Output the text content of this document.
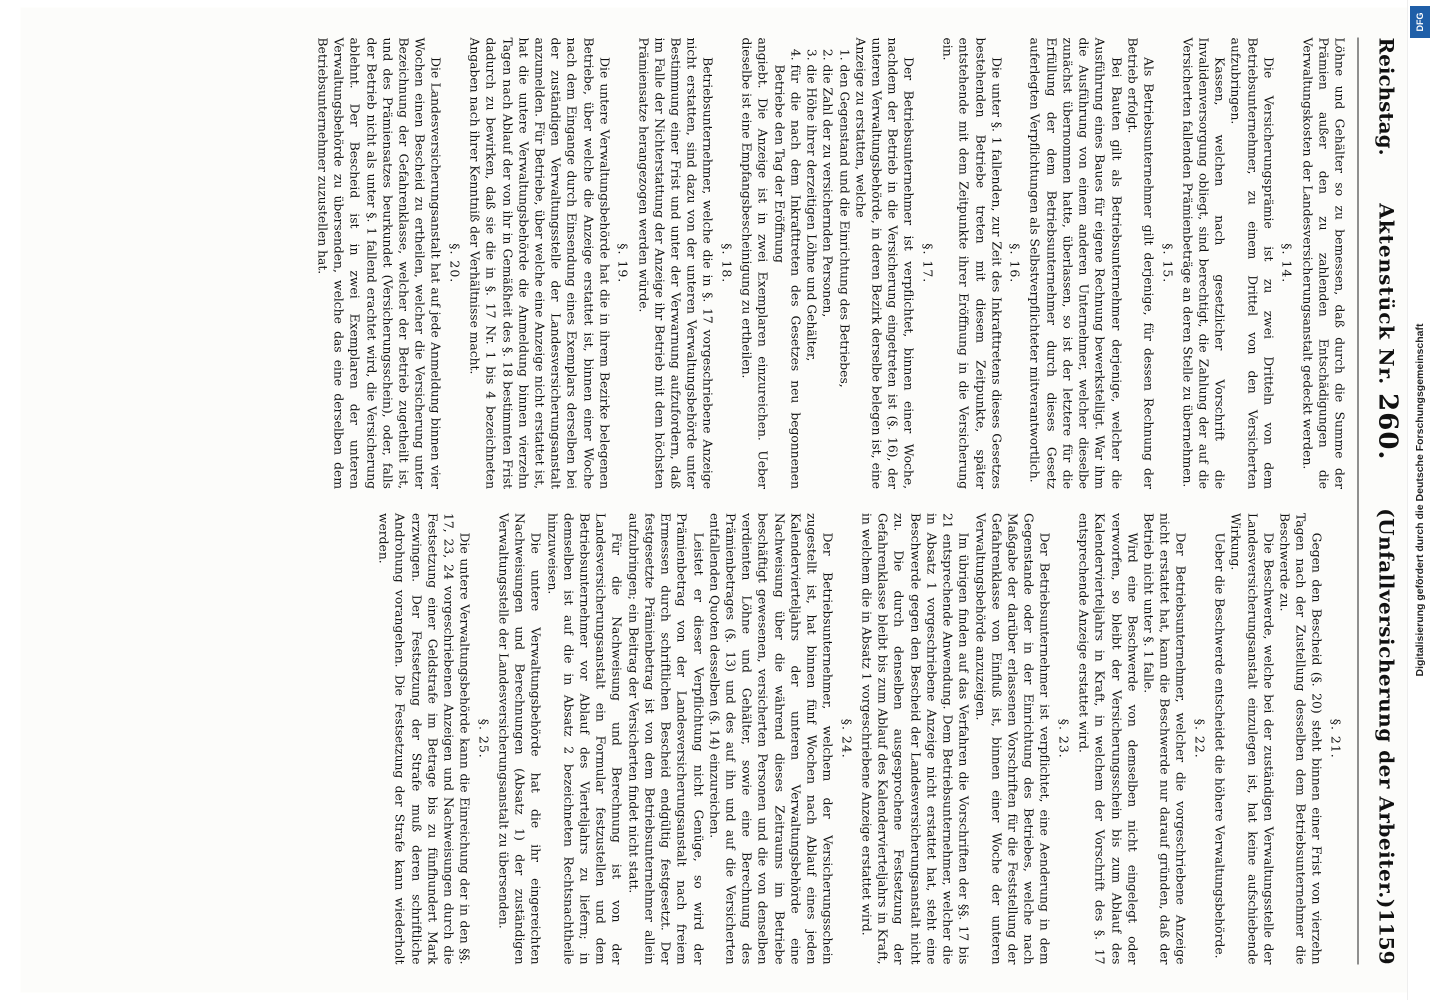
Reichstag.
Aktenstück Nr. 260.
(Unfallversicherung der Arbeiter.)
1159

Löhne und Gehälter so zu bemessen, daß durch die Summe der Prämien außer den zu zahlenden Entschädigungen die Verwaltungskosten der Landesversicherungsanstalt gedeckt werden.

§. 14.

Die Versicherungsprämie ist zu zwei Dritteln von dem Betriebsunternehmer, zu einem Drittel von den Versicherten aufzubringen.

Kassen, welchen nach gesetzlicher Vorschrift die Invalidenversorgung obliegt, sind berechtigt, die Zahlung der auf die Versicherten fallenden Prämienbeträge an deren Stelle zu übernehmen.

§. 15.

Als Betriebsunternehmer gilt derjenige, für dessen Rechnung der Betrieb erfolgt.

Bei Bauten gilt als Betriebsunternehmer derjenige, welcher die Ausführung eines Baues für eigene Rechnung bewerkstelligt. War ihm die Ausführung von einem anderen Unternehmer, welcher dieselbe zunächst übernommen hatte, überlassen, so ist der letztere für die Erfüllung der dem Betriebsunternehmer durch dieses Gesetz auferlegten Verpflichtungen als Selbstverpflichteter mitverantwortlich.

§. 16.

Die unter §. 1 fallenden, zur Zeit des Inkrafttretens dieses Gesetzes bestehenden Betriebe treten mit diesem Zeitpunkte, später entstehende mit dem Zeitpunkte ihrer Eröffnung in die Versicherung ein.

§. 17.

Der Betriebsunternehmer ist verpflichtet, binnen einer Woche, nachdem der Betrieb in die Versicherung eingetreten ist (§. 16), der unteren Verwaltungsbehörde, in deren Bezirk derselbe belegen ist, eine Anzeige zu erstatten, welche

1. den Gegenstand und die Einrichtung des Betriebes,
2. die Zahl der zu versichernden Personen,
3. die Höhe ihrer derzeitigen Löhne und Gehälter,
4. für die nach dem Inkrafttreten des Gesetzes neu begonnenen Betriebe den Tag der Eröffnung

angiebt. Die Anzeige ist in zwei Exemplaren einzureichen. Ueber dieselbe ist eine Empfangsbescheinigung zu ertheilen.

§. 18.

Betriebsunternehmer, welche die in §. 17 vorgeschriebene Anzeige nicht erstatten, sind dazu von der unteren Verwaltungsbehörde unter Bestimmung einer Frist und unter der Verwarnung aufzufordern, daß im Falle der Nichterstattung der Anzeige ihr Betrieb mit dem höchsten Prämiensatze herangezogen werden würde.

§. 19.

Die untere Verwaltungsbehörde hat die in ihrem Bezirke belegenen Betriebe, über welche die Anzeige erstattet ist, binnen einer Woche nach dem Eingange durch Einsendung eines Exemplars derselben bei der zuständigen Verwaltungsstelle der Landesversicherungsanstalt anzumelden. Für Betriebe, über welche eine Anzeige nicht erstattet ist, hat die untere Verwaltungsbehörde die Anmeldung binnen vierzehn Tagen nach Ablauf der von ihr in Gemäßheit des §. 18 bestimmten Frist dadurch zu bewirken, daß sie die in §. 17 Nr. 1 bis 4 bezeichneten Angaben nach ihrer Kenntniß der Verhältnisse macht.

§. 20.

Die Landesversicherungsanstalt hat auf jede Anmeldung binnen vier Wochen einen Bescheid zu ertheilen, welcher die Versicherung unter Bezeichnung der Gefahrenklasse, welcher der Betrieb zugetheilt ist, und des Prämiensatzes beurkundet (Versicherungsschein), oder, falls der Betrieb nicht als unter §. 1 fallend erachtet wird, die Versicherung ablehnt. Der Bescheid ist in zwei Exemplaren der unteren Verwaltungsbehörde zu übersenden, welche das eine derselben dem Betriebsunternehmer zuzustellen hat.

§. 21.

Gegen den Bescheid (§. 20) steht binnen einer Frist von vierzehn Tagen nach der Zustellung desselben dem Betriebsunternehmer die Beschwerde zu.

Die Beschwerde, welche bei der zuständigen Verwaltungsstelle der Landesversicherungsanstalt einzulegen ist, hat keine aufschiebende Wirkung.

Ueber die Beschwerde entscheidet die höhere Verwaltungsbehörde.

§. 22.

Der Betriebsunternehmer, welcher die vorgeschriebene Anzeige nicht erstattet hat, kann die Beschwerde nur darauf gründen, daß der Betrieb nicht unter §. 1 falle.

Wird eine Beschwerde von demselben nicht eingelegt oder verworfen, so bleibt der Versicherungsschein bis zum Ablauf des Kalendervierteljahrs in Kraft, in welchem der Vorschrift des §. 17 entsprechende Anzeige erstattet wird.

§. 23.

Der Betriebsunternehmer ist verpflichtet, eine Aenderung in dem Gegenstande oder in der Einrichtung des Betriebes, welche nach Maßgabe der darüber erlassenen Vorschriften für die Feststellung der Gefahrenklasse von Einfluß ist, binnen einer Woche der unteren Verwaltungsbehörde anzuzeigen.

Im übrigen finden auf das Verfahren die Vorschriften der §§. 17 bis 21 entsprechende Anwendung. Dem Betriebsunternehmer, welcher die in Absatz 1 vorgeschriebene Anzeige nicht erstattet hat, steht eine Beschwerde gegen den Bescheid der Landesversicherungsanstalt nicht zu. Die durch denselben ausgesprochene Festsetzung der Gefahrenklasse bleibt bis zum Ablauf des Kalendervierteljahrs in Kraft, in welchem die in Absatz 1 vorgeschriebene Anzeige erstattet wird.

§. 24.

Der Betriebsunternehmer, welchem der Versicherungsschein zugestellt ist, hat binnen fünf Wochen nach Ablauf eines jeden Kalendervierteljahrs der unteren Verwaltungsbehörde eine Nachweisung über die während dieses Zeitraums im Betriebe beschäftigt gewesenen, versicherten Personen und die von denselben verdienten Löhne und Gehälter, sowie eine Berechnung des Prämienbetrages (§. 13) und des auf ihn und auf die Versicherten entfallenden Quoten desselben (§. 14) einzureichen.

Leistet er dieser Verpflichtung nicht Genüge, so wird der Prämienbetrag von der Landesversicherungsanstalt nach freiem Ermessen durch schriftlichen Bescheid endgültig festgesetzt. Der festgesetzte Prämienbetrag ist von dem Betriebsunternehmer allein aufzubringen; ein Beitrag der Versicherten findet nicht statt.

Für die Nachweisung und Berechnung ist von der Landesversicherungsanstalt ein Formular festzustellen und dem Betriebsunternehmer vor Ablauf des Vierteljahrs zu liefern; in demselben ist auf die in Absatz 2 bezeichneten Rechtsnachtheile hinzuweisen.

Die untere Verwaltungsbehörde hat die ihr eingereichten Nachweisungen und Berechnungen (Absatz 1) der zuständigen Verwaltungsstelle der Landesversicherungsanstalt zu übersenden.

§. 25.

Die untere Verwaltungsbehörde kann die Einreichung der in den §§. 17, 23, 24 vorgeschriebenen Anzeigen und Nachweisungen durch die Festsetzung einer Geldstrafe im Betrage bis zu fünfhundert Mark erzwingen. Der Festsetzung der Strafe muß deren schriftliche Androhung vorangehen. Die Festsetzung der Strafe kann wiederholt werden.

DFG
Digitalisierung gefördert durch die Deutsche Forschungsgemeinschaft
